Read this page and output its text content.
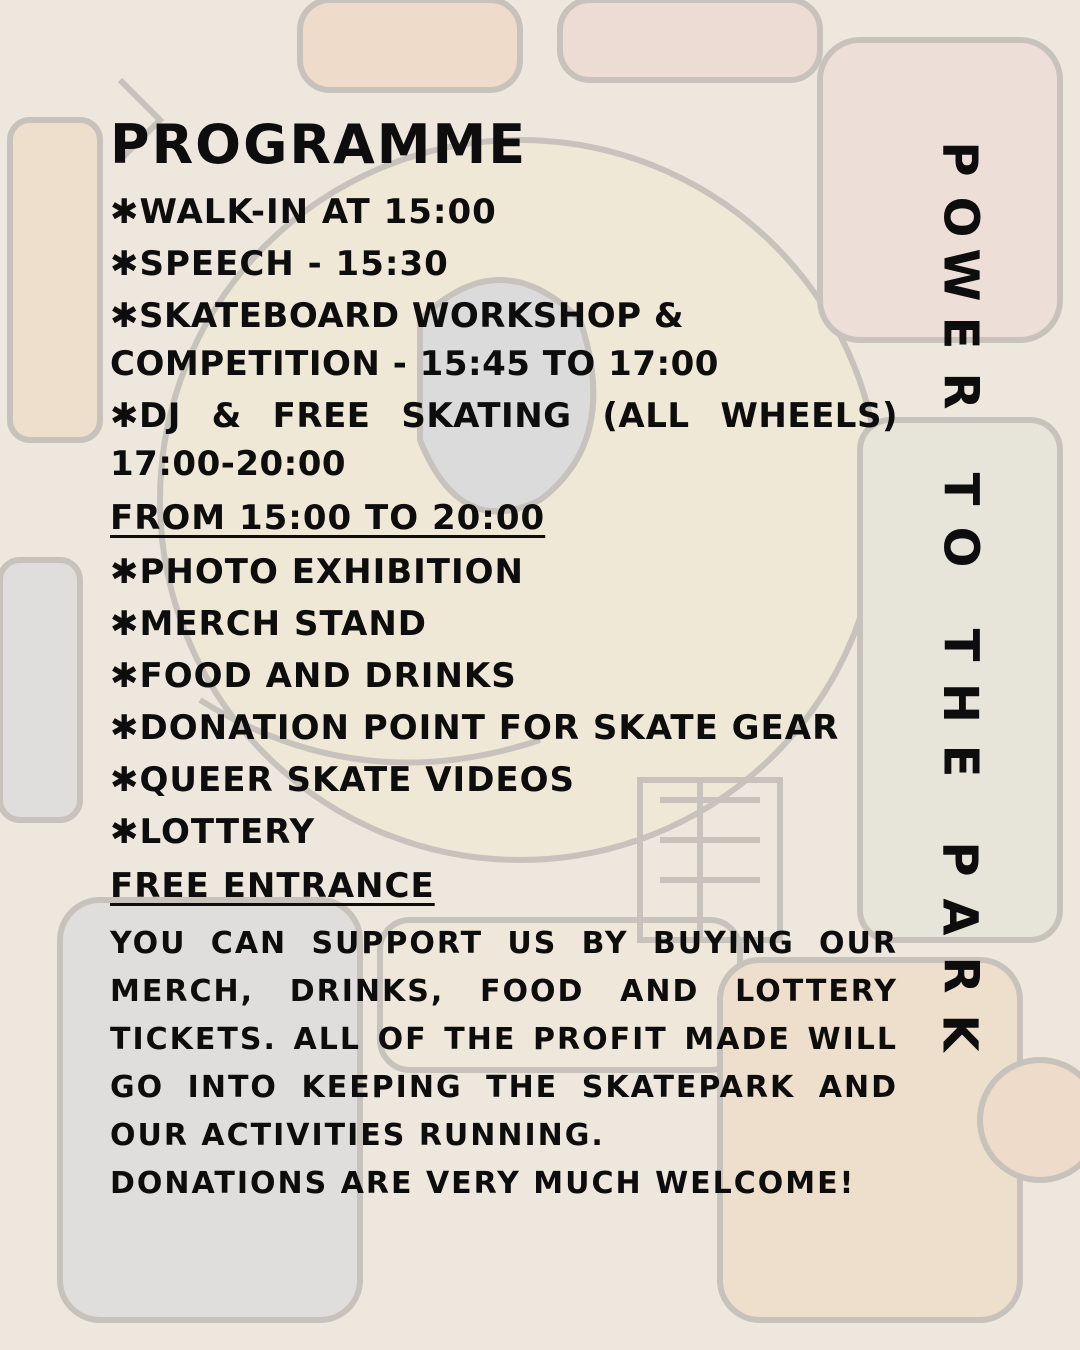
PROGRAMME
✱WALK-IN AT 15:00
✱SPEECH - 15:30
✱SKATEBOARD WORKSHOP & COMPETITION - 15:45 TO 17:00
✱DJ & FREE SKATING (ALL WHEELS) 17:00-20:00
FROM 15:00 TO 20:00
✱PHOTO EXHIBITION
✱MERCH STAND
✱FOOD AND DRINKS
✱DONATION POINT FOR SKATE GEAR
✱QUEER SKATE VIDEOS
✱LOTTERY
FREE ENTRANCE
YOU CAN SUPPORT US BY BUYING OUR MERCH, DRINKS, FOOD AND LOTTERY TICKETS. ALL OF THE PROFIT MADE WILL GO INTO KEEPING THE SKATEPARK AND OUR ACTIVITIES RUNNING.
DONATIONS ARE VERY MUCH WELCOME!
P
O
W
E
R
T
O
T
H
E
P
A
R
K
